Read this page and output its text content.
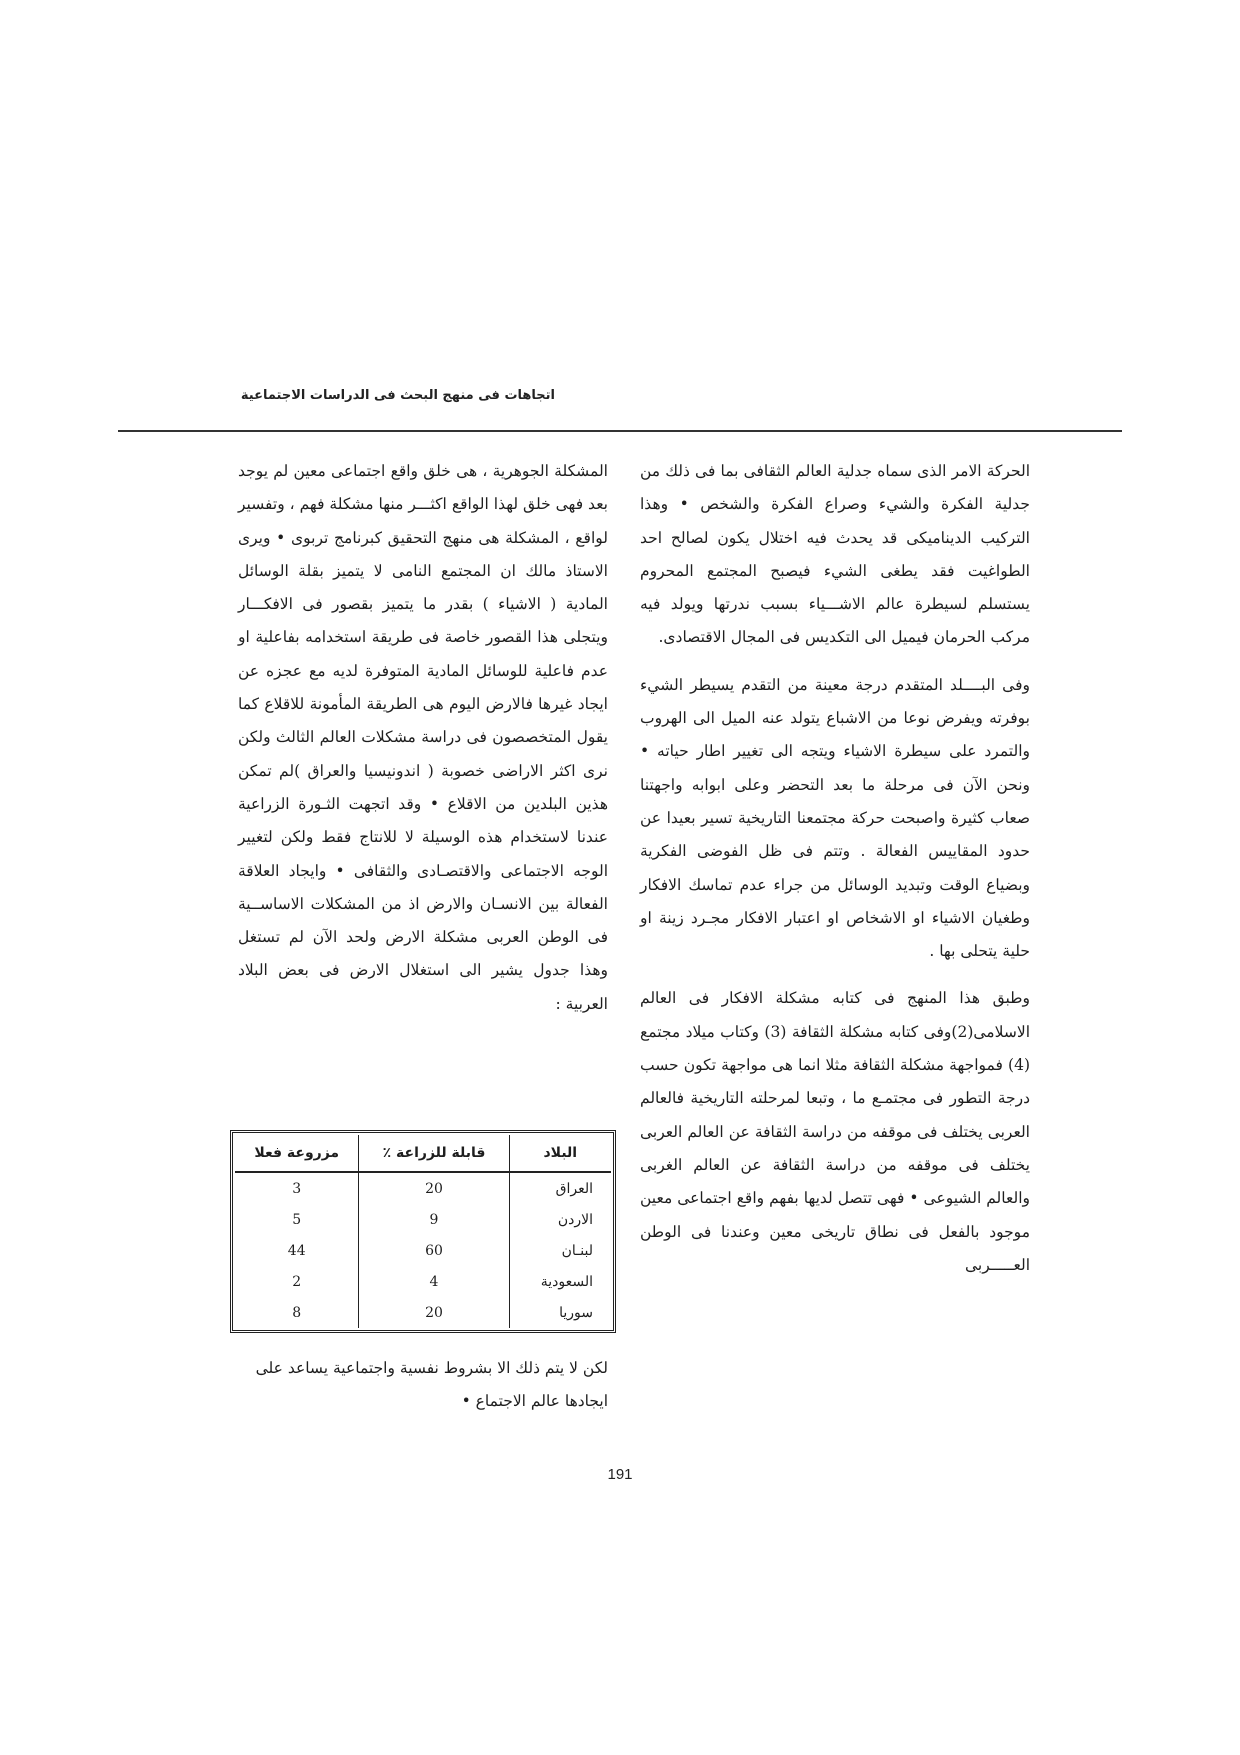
اتجاهات فى منهج البحث فى الدراسات الاجتماعية

الحركة الامر الذى سماه جدلية العالم الثقافى بما فى ذلك من جدلية الفكرة والشيء وصراع الفكرة والشخص • وهذا التركيب الديناميكى قد يحدث فيه اختلال يكون لصالح احد الطواغيت فقد يطغى الشيء فيصبح المجتمع المحروم يستسلم لسيطرة عالم الاشـــياء بسبب ندرتها ويولد فيه مركب الحرمان فيميل الى التكديس فى المجال الاقتصادى.

وفى البــــلد المتقدم درجة معينة من التقدم يسيطر الشيء بوفرته ويفرض نوعا من الاشباع يتولد عنه الميل الى الهروب والتمرد على سيطرة الاشياء ويتجه الى تغيير اطار حياته • ونحن الآن فى مرحلة ما بعد التحضر وعلى ابوابه واجهتنا صعاب كثيرة واصبحت حركة مجتمعنا التاريخية تسير بعيدا عن حدود المقاييس الفعالة . وتتم فى ظل الفوضى الفكرية وبضياع الوقت وتبديد الوسائل من جراء عدم تماسك الافكار وطغيان الاشياء او الاشخاص او اعتبار الافكار مجـرد زينة او حلية يتحلى بها .

وطبق هذا المنهج فى كتابه مشكلة الافكار فى العالم الاسلامى(2)وفى كتابه مشكلة الثقافة (3) وكتاب ميلاد مجتمع (4) فمواجهة مشكلة الثقافة مثلا انما هى مواجهة تكون حسب درجة التطور فى مجتمـع ما ، وتبعا لمرحلته التاريخية فالعالم العربى يختلف فى موقفه من دراسة الثقافة عن العالم العربى يختلف فى موقفه من دراسة الثقافة عن العالم الغربى والعالم الشيوعى • فهى تتصل لديها بفهم واقع اجتماعى معين موجود بالفعل فى نطاق تاريخى معين وعندنا فى الوطن العـــــربى

المشكلة الجوهرية ، هى خلق واقع اجتماعى معين لم يوجد بعد فهى خلق لهذا الواقع اكثـــر منها مشكلة فهم ، وتفسير لواقع ، المشكلة هى منهج التحقيق كبرنامج تربوى • ويرى الاستاذ مالك ان المجتمع النامى لا يتميز بقلة الوسائل المادية ( الاشياء ) بقدر ما يتميز بقصور فى الافكـــار ويتجلى هذا القصور خاصة فى طريقة استخدامه بفاعلية او عدم فاعلية للوسائل المادية المتوفرة لديه مع عجزه عن ايجاد غيرها فالارض اليوم هى الطريقة المأمونة للاقلاع كما يقول المتخصصون فى دراسة مشكلات العالم الثالث ولكن نرى اكثر الاراضى خصوبة ( اندونيسيا والعراق )لم تمكن هذين البلدين من الاقلاع • وقد اتجهت الثـورة الزراعية عندنا لاستخدام هذه الوسيلة لا للانتاج فقط ولكن لتغيير الوجه الاجتماعى والاقتصـادى والثقافى • وايجاد العلاقة الفعالة بين الانسـان والارض اذ من المشكلات الاساســية فى الوطن العربى مشكلة الارض ولحد الآن لم تستغل وهذا جدول يشير الى استغلال الارض فى بعض البلاد العربية :

البلاد	قابلة للزراعة ٪	مزروعة فعلا
العراق	20	3
الاردن	9	5
لبنـان	60	44
السعودية	4	2
سوريا	20	8

لكن لا يتم ذلك الا بشروط نفسية واجتماعية يساعد على ايجادها عالم الاجتماع •

191
